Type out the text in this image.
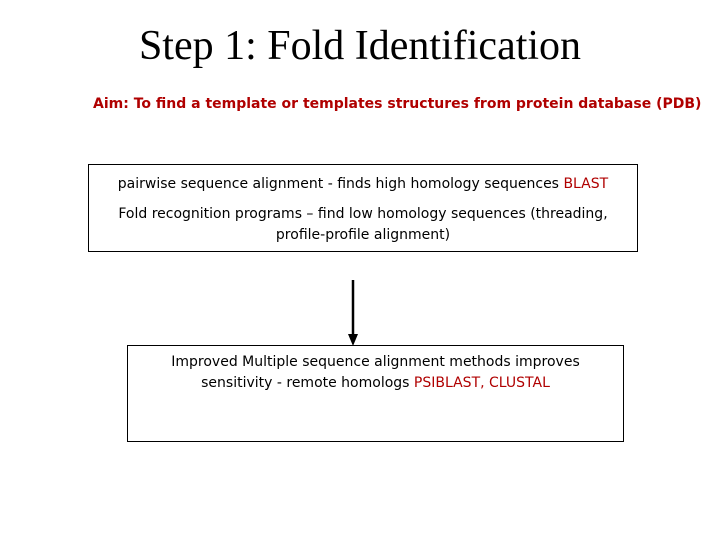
Step 1: Fold Identification
Aim: To find a template or templates structures from protein database (PDB)
pairwise sequence alignment - finds high homology sequences BLAST
Fold recognition programs – find low homology sequences (threading,
profile-profile alignment)
Improved Multiple sequence alignment methods improves
sensitivity - remote homologs PSIBLAST, CLUSTAL
